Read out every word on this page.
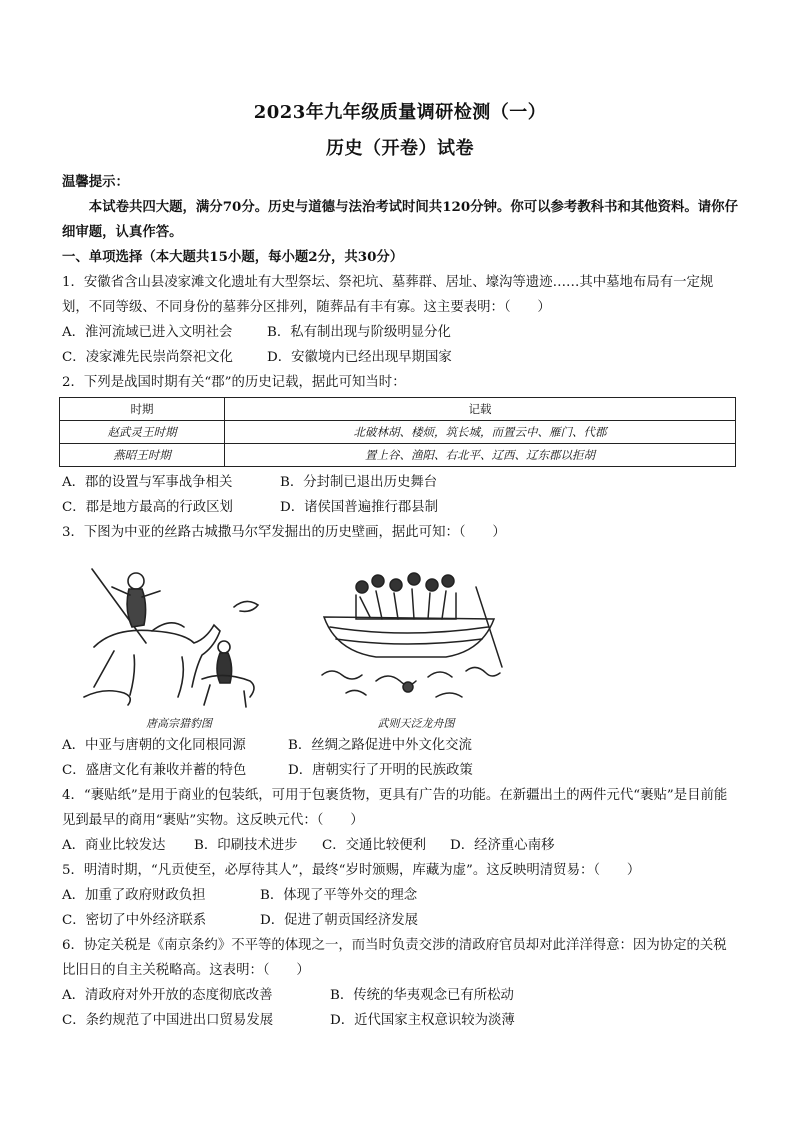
2023年九年级质量调研检测（一）
历史（开卷）试卷
温馨提示：
本试卷共四大题，满分70分。历史与道德与法治考试时间共120分钟。你可以参考教科书和其他资料。请你仔细审题，认真作答。
一、单项选择（本大题共15小题，每小题2分，共30分）
1．安徽省含山县凌家滩文化遗址有大型祭坛、祭祀坑、墓葬群、居址、壕沟等遗迹……其中墓地布局有一定规划，不同等级、不同身份的墓葬分区排列，随葬品有丰有寡。这主要表明：（　　）
A．淮河流域已进入文明社会	B．私有制出现与阶级明显分化
C．凌家滩先民崇尚祭祀文化	D．安徽境内已经出现早期国家
2．下列是战国时期有关“郡”的历史记载，据此可知当时：
时期	记载
赵武灵王时期	北破林胡、楼烦，筑长城，而置云中、雁门、代郡
燕昭王时期	置上谷、渔阳、右北平、辽西、辽东郡以拒胡
A．郡的设置与军事战争相关	B．分封制已退出历史舞台
C．郡是地方最高的行政区划	D．诸侯国普遍推行郡县制
3．下图为中亚的丝路古城撒马尔罕发掘出的历史壁画，据此可知：（　　）
唐高宗猎豹图	武则天泛龙舟图
A．中亚与唐朝的文化同根同源	B．丝绸之路促进中外文化交流
C．盛唐文化有兼收并蓄的特色	D．唐朝实行了开明的民族政策
4．“裹贴纸”是用于商业的包装纸，可用于包裹货物，更具有广告的功能。在新疆出土的两件元代“裹贴”是目前能见到最早的商用“裹贴”实物。这反映元代：（　　）
A．商业比较发达	B．印刷技术进步	C．交通比较便利	D．经济重心南移
5．明清时期，“凡贡使至，必厚待其人”，最终“岁时颁赐，库藏为虚”。这反映明清贸易：（　　）
A．加重了政府财政负担	B．体现了平等外交的理念
C．密切了中外经济联系	D．促进了朝贡国经济发展
6．协定关税是《南京条约》不平等的体现之一，而当时负责交涉的清政府官员却对此洋洋得意：因为协定的关税比旧日的自主关税略高。这表明：（　　）
A．清政府对外开放的态度彻底改善	B．传统的华夷观念已有所松动
C．条约规范了中国进出口贸易发展	D．近代国家主权意识较为淡薄
